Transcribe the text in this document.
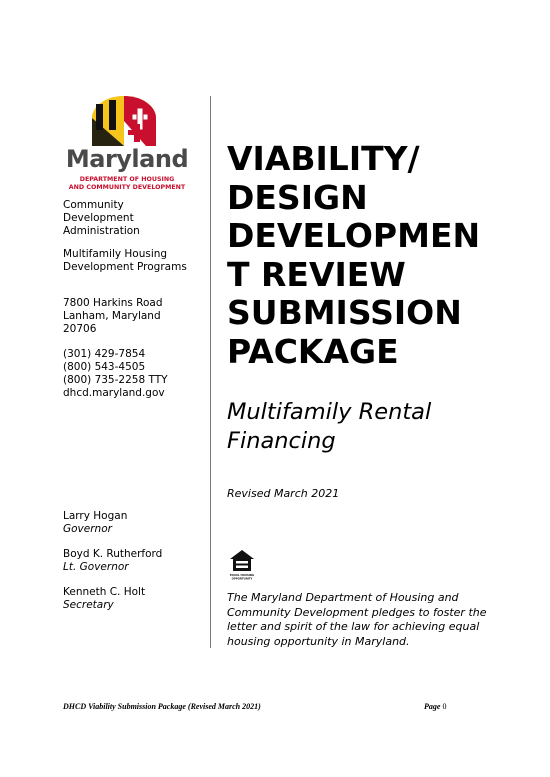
Maryland
DEPARTMENT OF HOUSING
AND COMMUNITY DEVELOPMENT
Community
Development
Administration
Multifamily Housing
Development Programs
7800 Harkins Road
Lanham, Maryland
20706
(301) 429-7854
(800) 543-4505
(800) 735-2258 TTY
dhcd.maryland.gov
Larry Hogan
Governor
Boyd K. Rutherford
Lt. Governor
Kenneth C. Holt
Secretary
VIABILITY/
DESIGN
DEVELOPMEN
T REVIEW
SUBMISSION
PACKAGE
Multifamily Rental
Financing
Revised March 2021
EQUAL HOUSING
OPPORTUNITY
The Maryland Department of Housing and
Community Development pledges to foster the
letter and spirit of the law for achieving equal
housing opportunity in Maryland.
DHCD Viability Submission Package (Revised March 2021)	Page 0
